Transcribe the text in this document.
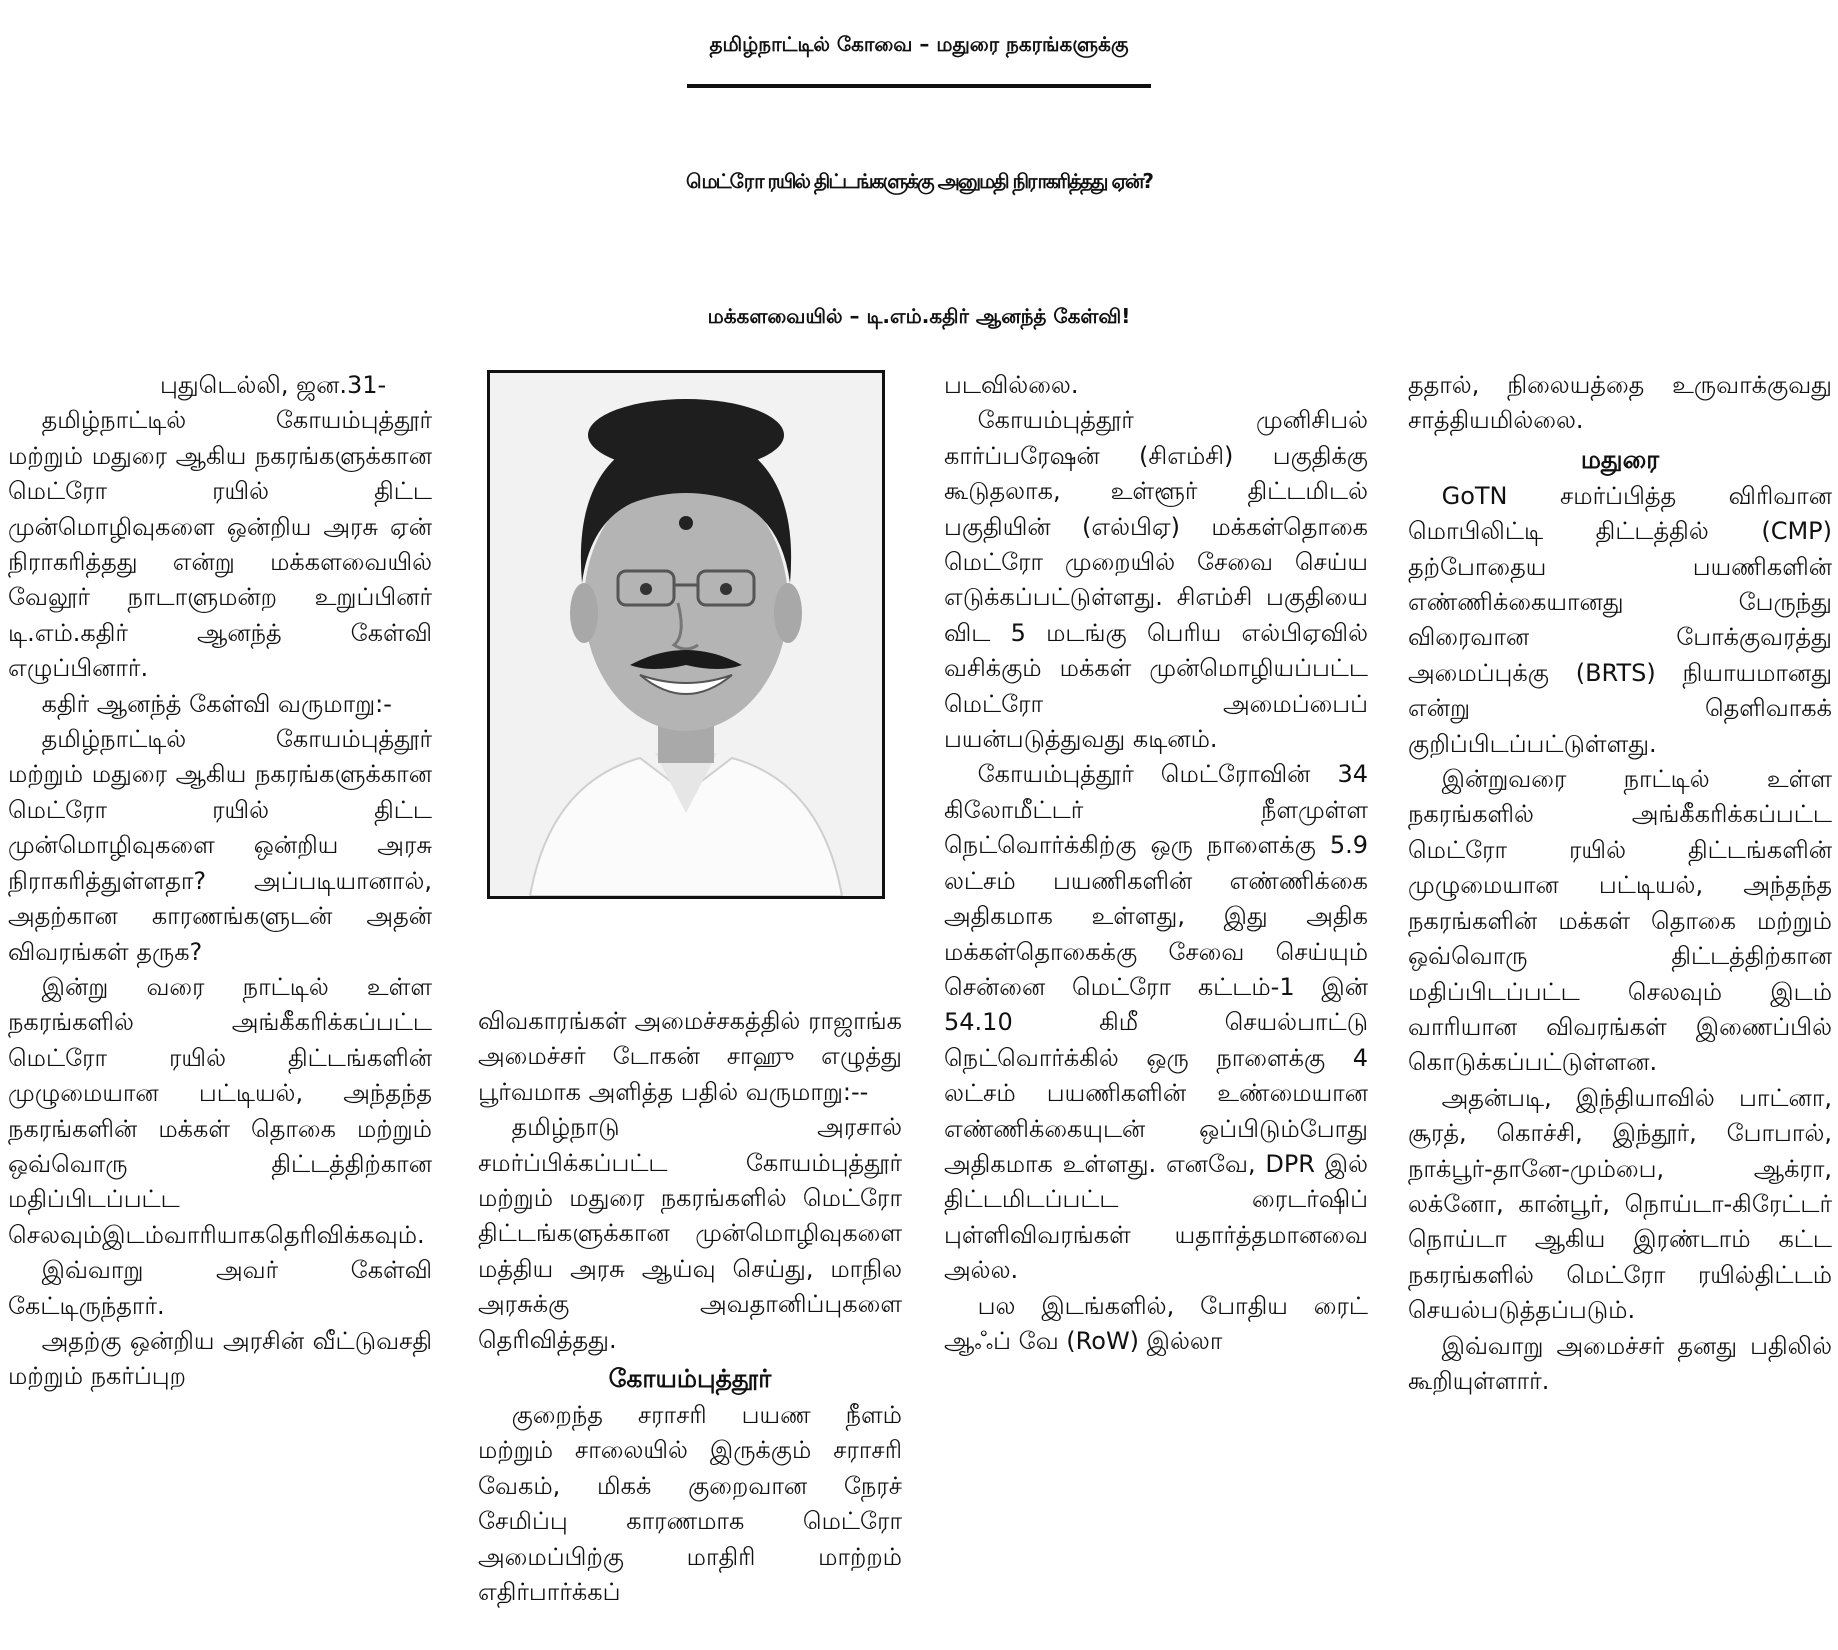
தமிழ்நாட்டில் கோவை – மதுரை நகரங்களுக்கு
மெட்ரோ ரயில் திட்டங்களுக்கு அனுமதி நிராகரித்தது ஏன்?
மக்களவையில் – டி.எம்.கதிர் ஆனந்த் கேள்வி!

புதுடெல்லி, ஜன.31-

தமிழ்நாட்டில் கோயம்புத்தூர் மற்றும் மதுரை ஆகிய நகரங்களுக்கான மெட்ரோ ரயில் திட்ட முன்மொழிவுகளை ஒன்றிய அரசு ஏன் நிராகரித்தது என்று மக்களவையில் வேலூர் நாடாளுமன்ற உறுப்பினர் டி.எம்.கதிர் ஆனந்த் கேள்வி எழுப்பினார்.

கதிர் ஆனந்த் கேள்வி வருமாறு:-

தமிழ்நாட்டில் கோயம்புத்தூர் மற்றும் மதுரை ஆகிய நகரங்களுக்கான மெட்ரோ ரயில் திட்ட முன்மொழிவுகளை ஒன்றிய அரசு நிராகரித்துள்ளதா? அப்படியானால், அதற்கான காரணங்களுடன் அதன் விவரங்கள் தருக?

இன்று வரை நாட்டில் உள்ள நகரங்களில் அங்கீகரிக்கப்பட்ட மெட்ரோ ரயில் திட்டங்களின் முழுமையான பட்டியல், அந்தந்த நகரங்களின் மக்கள் தொகை மற்றும் ஒவ்வொரு திட்டத்திற்கான மதிப்பிடப்பட்ட செலவும்இடம்வாரியாகதெரிவிக்கவும்.

இவ்வாறு அவர் கேள்வி கேட்டிருந்தார்.

அதற்கு ஒன்றிய அரசின் வீட்டுவசதி மற்றும் நகர்ப்புற

விவகாரங்கள் அமைச்சகத்தில் ராஜாங்க அமைச்சர் டோகன் சாஹு எழுத்து பூர்வமாக அளித்த பதில் வருமாறு:--

தமிழ்நாடு அரசால் சமர்ப்பிக்கப்பட்ட கோயம்புத்தூர் மற்றும் மதுரை நகரங்களில் மெட்ரோ திட்டங்களுக்கான முன்மொழிவுகளை மத்திய அரசு ஆய்வு செய்து, மாநில அரசுக்கு அவதானிப்புகளை தெரிவித்தது.

கோயம்புத்தூர்

குறைந்த சராசரி பயண நீளம் மற்றும் சாலையில் இருக்கும் சராசரி வேகம், மிகக் குறைவான நேரச் சேமிப்பு காரணமாக மெட்ரோ அமைப்பிற்கு மாதிரி மாற்றம் எதிர்பார்க்கப்

படவில்லை.

கோயம்புத்தூர் முனிசிபல் கார்ப்பரேஷன் (சிஎம்சி) பகுதிக்கு கூடுதலாக, உள்ளூர் திட்டமிடல் பகுதியின் (எல்பிஏ) மக்கள்தொகை மெட்ரோ முறையில் சேவை செய்ய எடுக்கப்பட்டுள்ளது. சிஎம்சி பகுதியை விட 5 மடங்கு பெரிய எல்பிஏவில் வசிக்கும் மக்கள் முன்மொழியப்பட்ட மெட்ரோ அமைப்பைப் பயன்படுத்துவது கடினம்.

கோயம்புத்தூர் மெட்ரோவின் 34 கிலோமீட்டர் நீளமுள்ள நெட்வொர்க்கிற்கு ஒரு நாளைக்கு 5.9 லட்சம் பயணிகளின் எண்ணிக்கை அதிகமாக உள்ளது, இது அதிக மக்கள்தொகைக்கு சேவை செய்யும் சென்னை மெட்ரோ கட்டம்-1 இன் 54.10 கிமீ செயல்பாட்டு நெட்வொர்க்கில் ஒரு நாளைக்கு 4 லட்சம் பயணிகளின் உண்மையான எண்ணிக்கையுடன் ஒப்பிடும்போது அதிகமாக உள்ளது. எனவே, DPR இல் திட்டமிடப்பட்ட ரைடர்ஷிப் புள்ளிவிவரங்கள் யதார்த்தமானவை அல்ல.

பல இடங்களில், போதிய ரைட் ஆஃப் வே (RoW) இல்லா

ததால், நிலையத்தை உருவாக்குவது சாத்தியமில்லை.

மதுரை

GoTN சமர்ப்பித்த விரிவான மொபிலிட்டி திட்டத்தில் (CMP) தற்போதைய பயணிகளின் எண்ணிக்கையானது பேருந்து விரைவான போக்குவரத்து அமைப்புக்கு (BRTS) நியாயமானது என்று தெளிவாகக் குறிப்பிடப்பட்டுள்ளது.

இன்றுவரை நாட்டில் உள்ள நகரங்களில் அங்கீகரிக்கப்பட்ட மெட்ரோ ரயில் திட்டங்களின் முழுமையான பட்டியல், அந்தந்த நகரங்களின் மக்கள் தொகை மற்றும் ஒவ்வொரு திட்டத்திற்கான மதிப்பிடப்பட்ட செலவும் இடம் வாரியான விவரங்கள் இணைப்பில் கொடுக்கப்பட்டுள்ளன.

அதன்படி, இந்தியாவில் பாட்னா, சூரத், கொச்சி, இந்தூர், போபால், நாக்பூர்-தானே-மும்பை, ஆக்ரா, லக்னோ, கான்பூர், நொய்டா-கிரேட்டர் நொய்டா ஆகிய இரண்டாம் கட்ட நகரங்களில் மெட்ரோ ரயில்திட்டம் செயல்படுத்தப்படும்.

இவ்வாறு அமைச்சர் தனது பதிலில் கூறியுள்ளார்.
